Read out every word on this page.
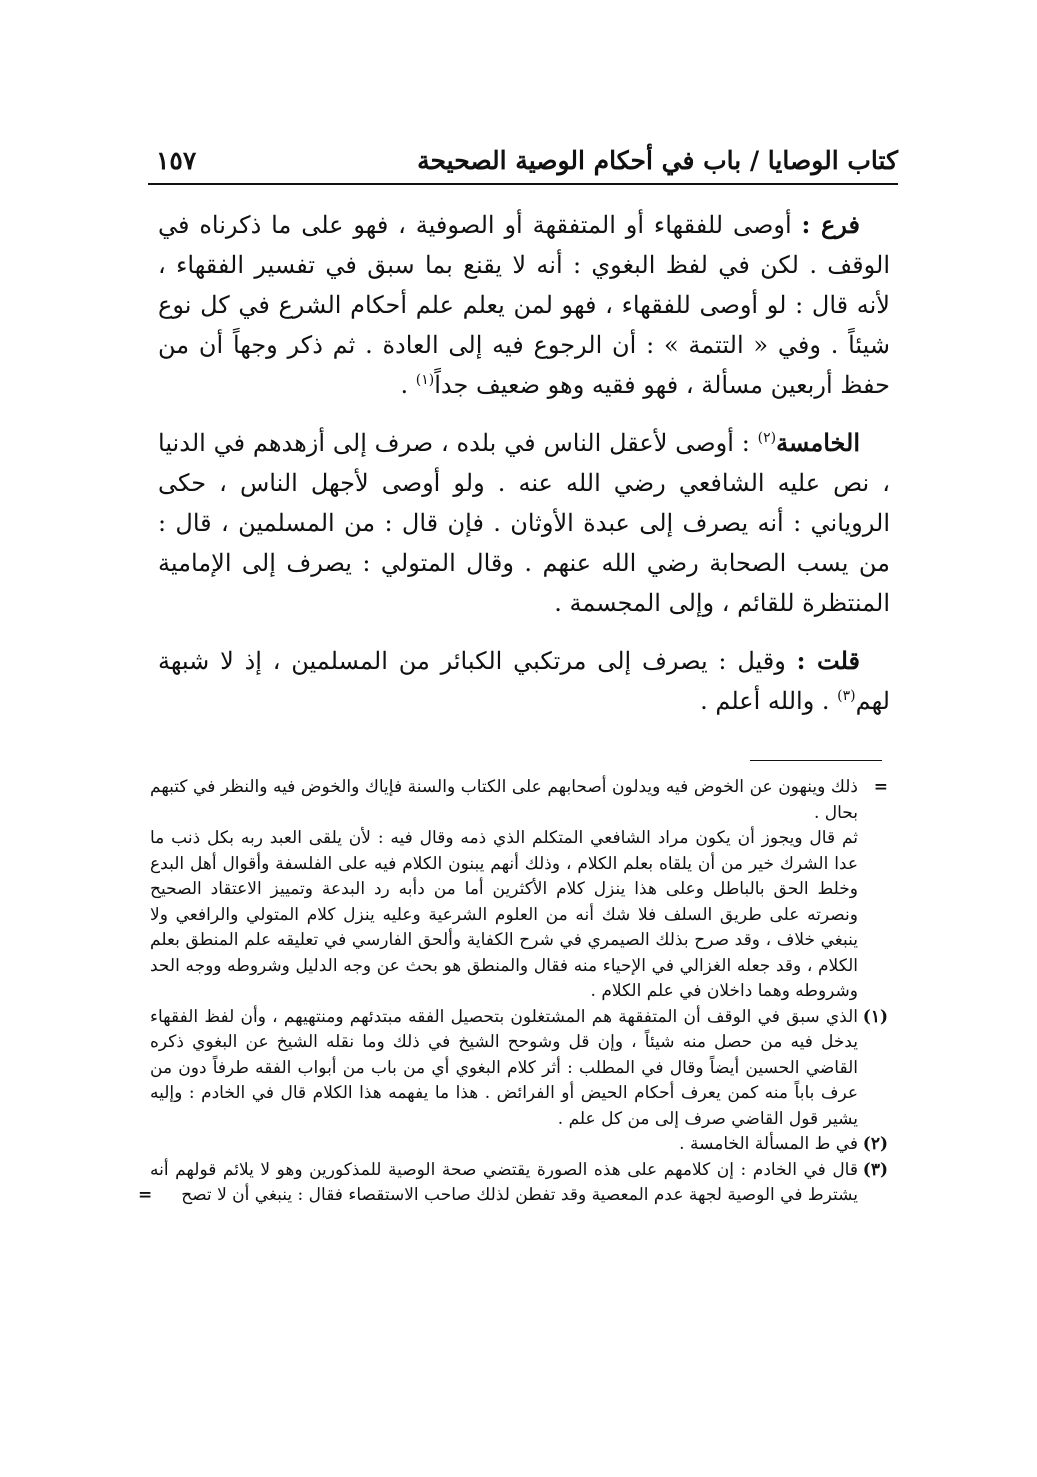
كتاب الوصايا / باب في أحكام الوصية الصحيحة
١٥٧

فرع : أوصى للفقهاء أو المتفقهة أو الصوفية ، فهو على ما ذكرناه في الوقف . لكن في لفظ البغوي : أنه لا يقنع بما سبق في تفسير الفقهاء ، لأنه قال : لو أوصى للفقهاء ، فهو لمن يعلم علم أحكام الشرع في كل نوع شيئاً . وفي « التتمة » : أن الرجوع فيه إلى العادة . ثم ذكر وجهاً أن من حفظ أربعين مسألة ، فهو فقيه وهو ضعيف جداً$^{(١)}$ .

الخامسة$^{(٢)}$ : أوصى لأعقل الناس في بلده ، صرف إلى أزهدهم في الدنيا ، نص عليه الشافعي رضي الله عنه . ولو أوصى لأجهل الناس ، حكى الروياني : أنه يصرف إلى عبدة الأوثان . فإن قال : من المسلمين ، قال : من يسب الصحابة رضي الله عنهم . وقال المتولي : يصرف إلى الإمامية المنتظرة للقائم ، وإلى المجسمة .

قلت : وقيل : يصرف إلى مرتكبي الكبائر من المسلمين ، إذ لا شبهة لهم$^{(٣)}$ . والله أعلم .

=

ذلك وينهون عن الخوض فيه ويدلون أصحابهم على الكتاب والسنة فإياك والخوض فيه والنظر في كتبهم بحال .

ثم قال ويجوز أن يكون مراد الشافعي المتكلم الذي ذمه وقال فيه : لأن يلقى العبد ربه بكل ذنب ما عدا الشرك خير من أن يلقاه بعلم الكلام ، وذلك أنهم يبنون الكلام فيه على الفلسفة وأقوال أهل البدع وخلط الحق بالباطل وعلى هذا ينزل كلام الأكثرين أما من دأبه رد البدعة وتمييز الاعتقاد الصحيح ونصرته على طريق السلف فلا شك أنه من العلوم الشرعية وعليه ينزل كلام المتولي والرافعي ولا ينبغي خلاف ، وقد صرح بذلك الصيمري في شرح الكفاية وألحق الفارسي في تعليقه علم المنطق بعلم الكلام ، وقد جعله الغزالي في الإحياء منه فقال والمنطق هو بحث عن وجه الدليل وشروطه ووجه الحد وشروطه وهما داخلان في علم الكلام .

(١)

الذي سبق في الوقف أن المتفقهة هم المشتغلون بتحصيل الفقه مبتدئهم ومنتهيهم ، وأن لفظ الفقهاء يدخل فيه من حصل منه شيئاً ، وإن قل وشوحح الشيخ في ذلك وما نقله الشيخ عن البغوي ذكره القاضي الحسين أيضاً وقال في المطلب : أثر كلام البغوي أي من باب من أبواب الفقه طرفاً دون من عرف باباً منه كمن يعرف أحكام الحيض أو الفرائض . هذا ما يفهمه هذا الكلام قال في الخادم : وإليه يشير قول القاضي صرف إلى من كل علم .

(٢)

في ط المسألة الخامسة .

(٣)

قال في الخادم : إن كلامهم على هذه الصورة يقتضي صحة الوصية للمذكورين وهو لا يلائم قولهم أنه يشترط في الوصية لجهة عدم المعصية وقد تفطن لذلك صاحب الاستقصاء فقال : ينبغي أن لا تصح

=
